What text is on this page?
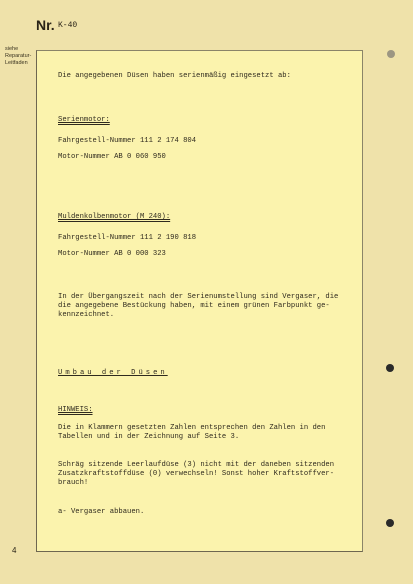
Nr. K-40
siehe Reparatur-Leitfaden
Die angegebenen Düsen haben serienmäßig eingesetzt ab:
Serienmotor:
Fahrgestell-Nummer 111 2 174 804
Motor-Nummer AB 0 060 950
Muldenkolbenmotor (M 240):
Fahrgestell-Nummer 111 2 190 818
Motor-Nummer AB 0 000 323
In der Übergangszeit nach der Serienumstellung sind Vergaser, die
die angegebene Bestückung haben, mit einem grünen Farbpunkt ge-
kennzeichnet.
Umbau der Düsen
HINWEIS:
Die in Klammern gesetzten Zahlen entsprechen den Zahlen in den
Tabellen und in der Zeichnung auf Seite 3.
Schräg sitzende Leerlaufdüse (3) nicht mit der daneben sitzenden
Zusatzkraftstoffdüse (0) verwechseln! Sonst hoher Kraftstoffver-
brauch!
a- Vergaser abbauen.
4
